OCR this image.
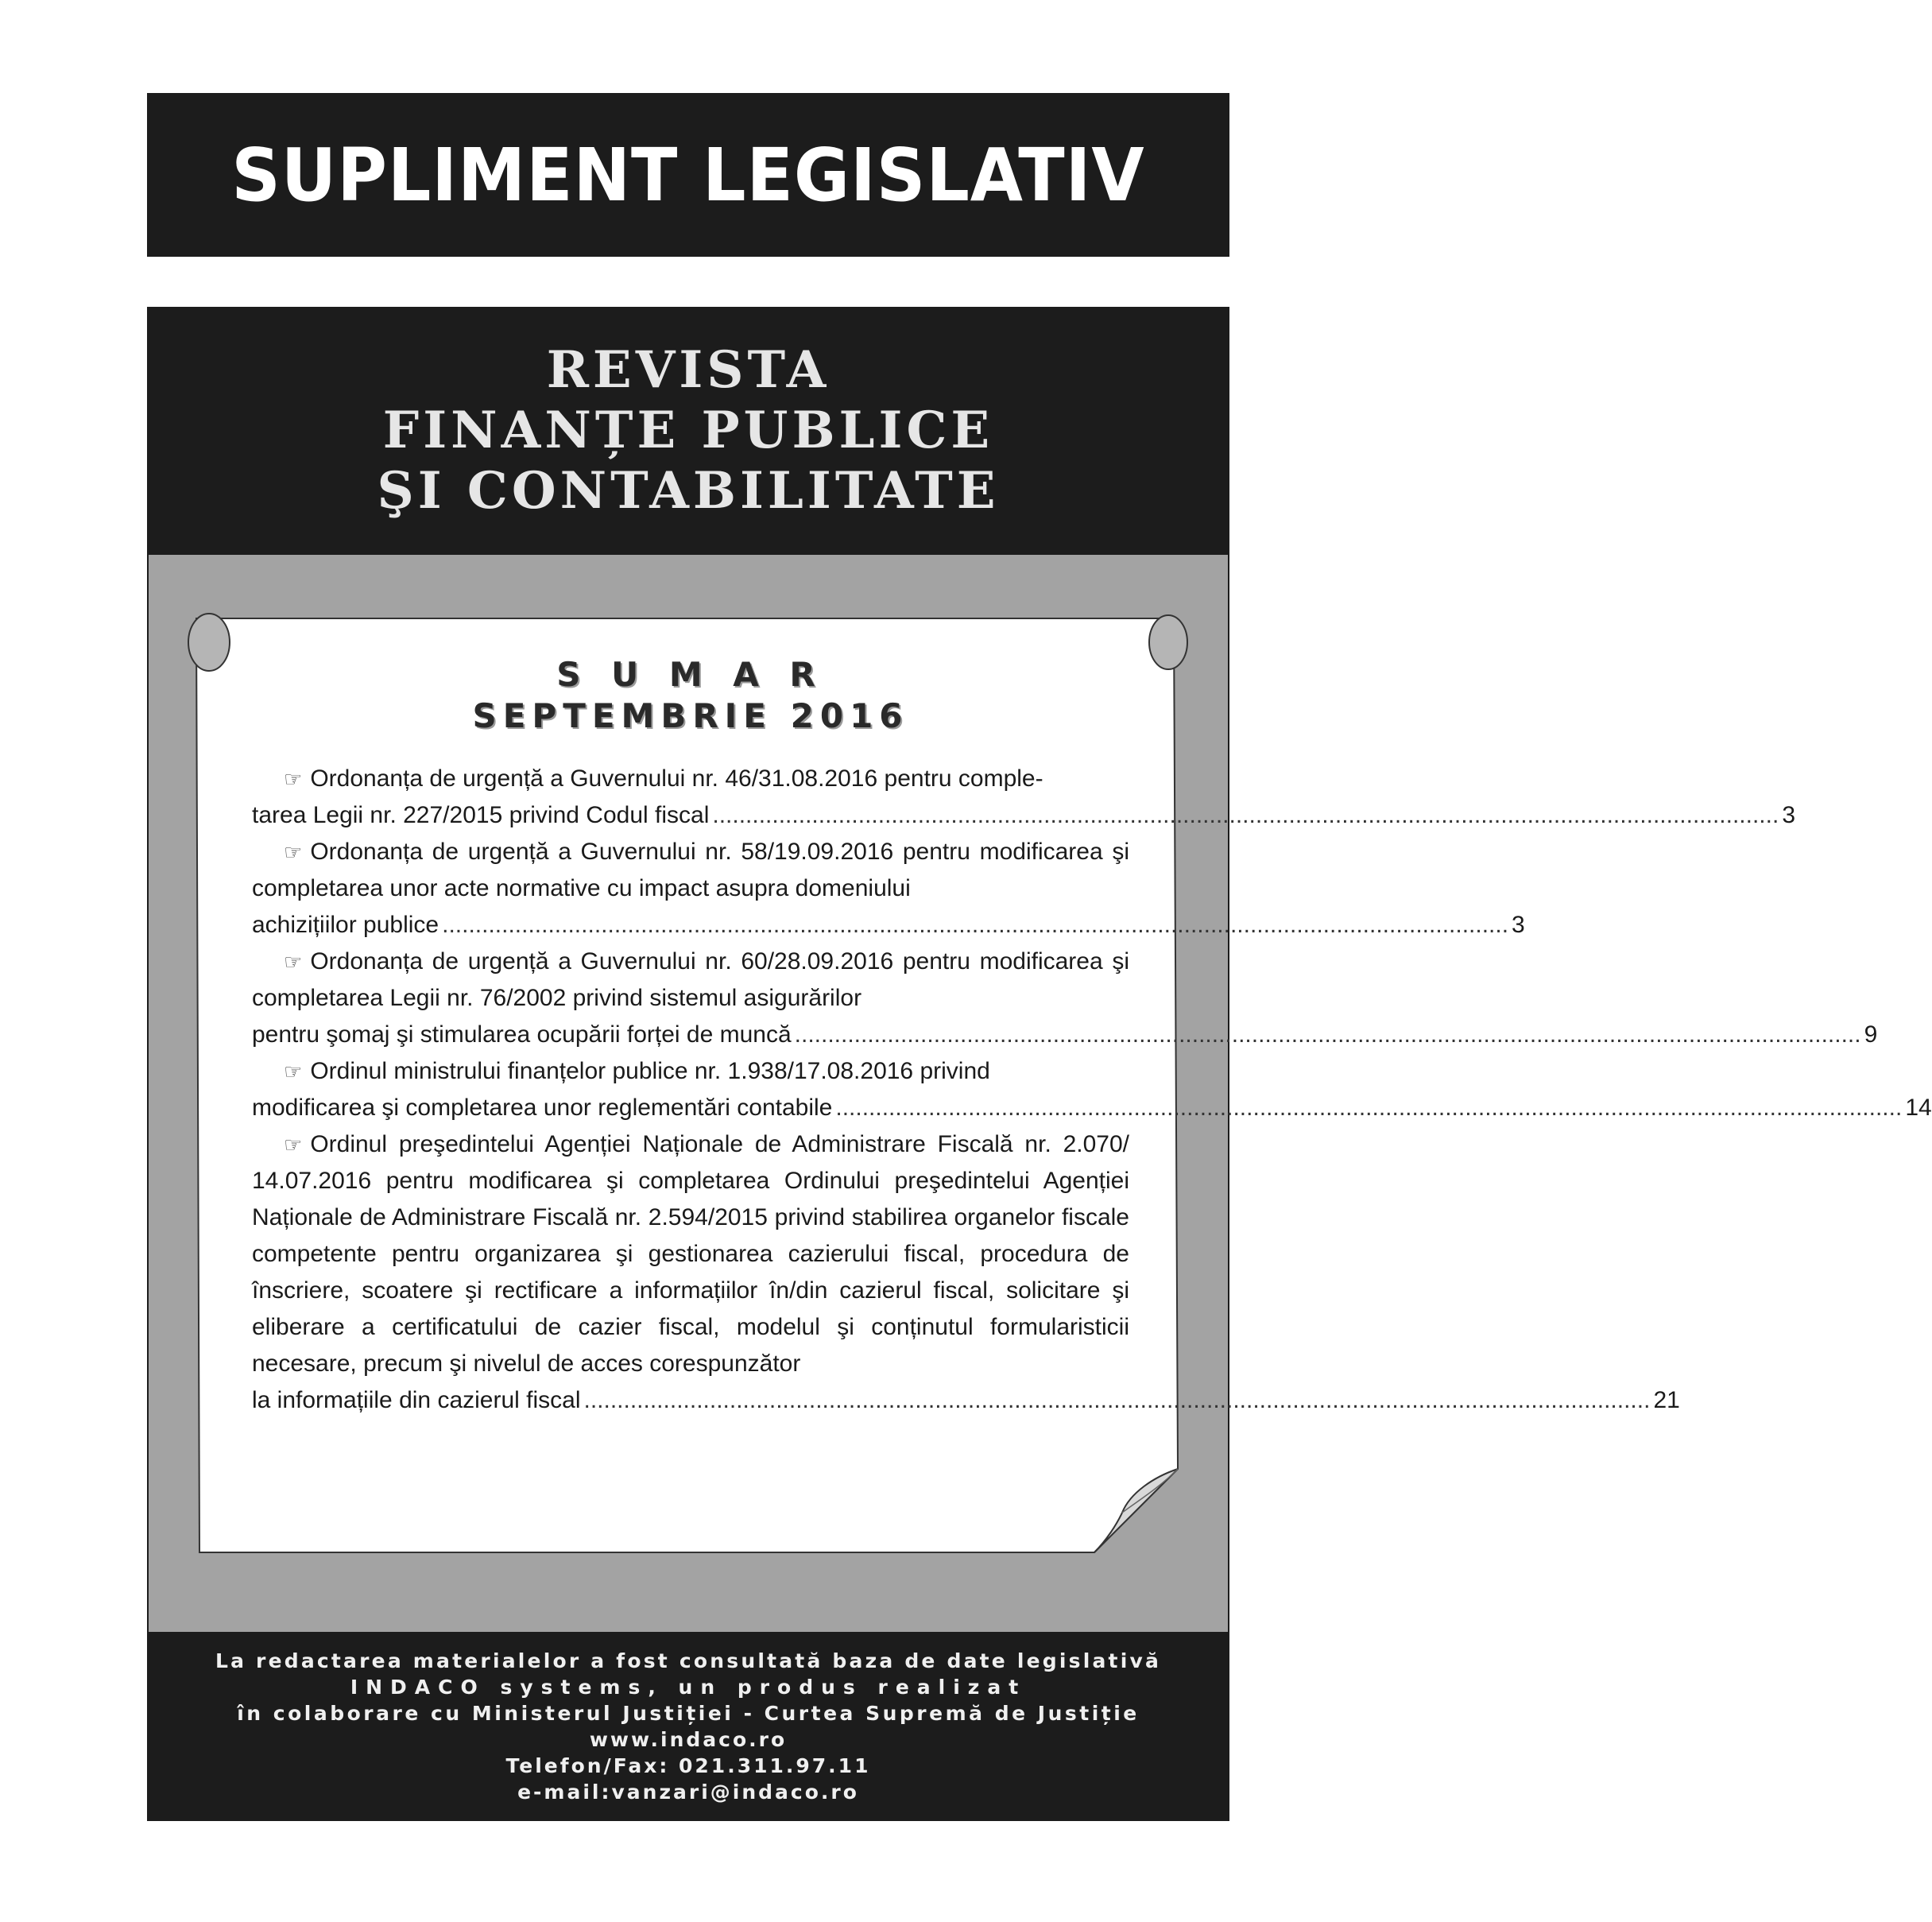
SUPLIMENT LEGISLATIV
REVISTA
FINANȚE PUBLICE
ŞI CONTABILITATE
S U M A R
SEPTEMBRIE 2016
☞ Ordonanța de urgență a Guvernului nr. 46/31.08.2016 pentru comple-
tarea Legii nr. 227/2015 privind Codul fiscal ................................................................................................................................................................. 3
☞ Ordonanța de urgență a Guvernului nr. 58/19.09.2016 pentru modificarea şi completarea unor acte normative cu impact asupra domeniului
achizițiilor publice ................................................................................................................................................................. 3
☞ Ordonanța de urgență a Guvernului nr. 60/28.09.2016 pentru modificarea şi completarea Legii nr. 76/2002 privind sistemul asigurărilor
pentru şomaj şi stimularea ocupării forței de muncă ................................................................................................................................................................. 9
☞ Ordinul ministrului finanțelor publice nr. 1.938/17.08.2016 privind
modificarea şi completarea unor reglementări contabile ................................................................................................................................................................. 14
☞ Ordinul preşedintelui Agenției Naționale de Administrare Fiscală nr. 2.070/ 14.07.2016 pentru modificarea şi completarea Ordinului preşedintelui Agenției Naționale de Administrare Fiscală nr. 2.594/2015 privind stabilirea organelor fiscale competente pentru organizarea şi gestionarea cazierului fiscal, procedura de înscriere, scoatere şi rectificare a informațiilor în/din cazierul fiscal, solicitare şi eliberare a certificatului de cazier fiscal, modelul şi conținutul formularisticii necesare, precum şi nivelul de acces corespunzător
la informațiile din cazierul fiscal ................................................................................................................................................................. 21
La redactarea materialelor a fost consultată baza de date legislativă
INDACO systems, un produs realizat
în colaborare cu Ministerul Justiției - Curtea Supremă de Justiție
www.indaco.ro
Telefon/Fax: 021.311.97.11
e-mail:vanzari@indaco.ro
